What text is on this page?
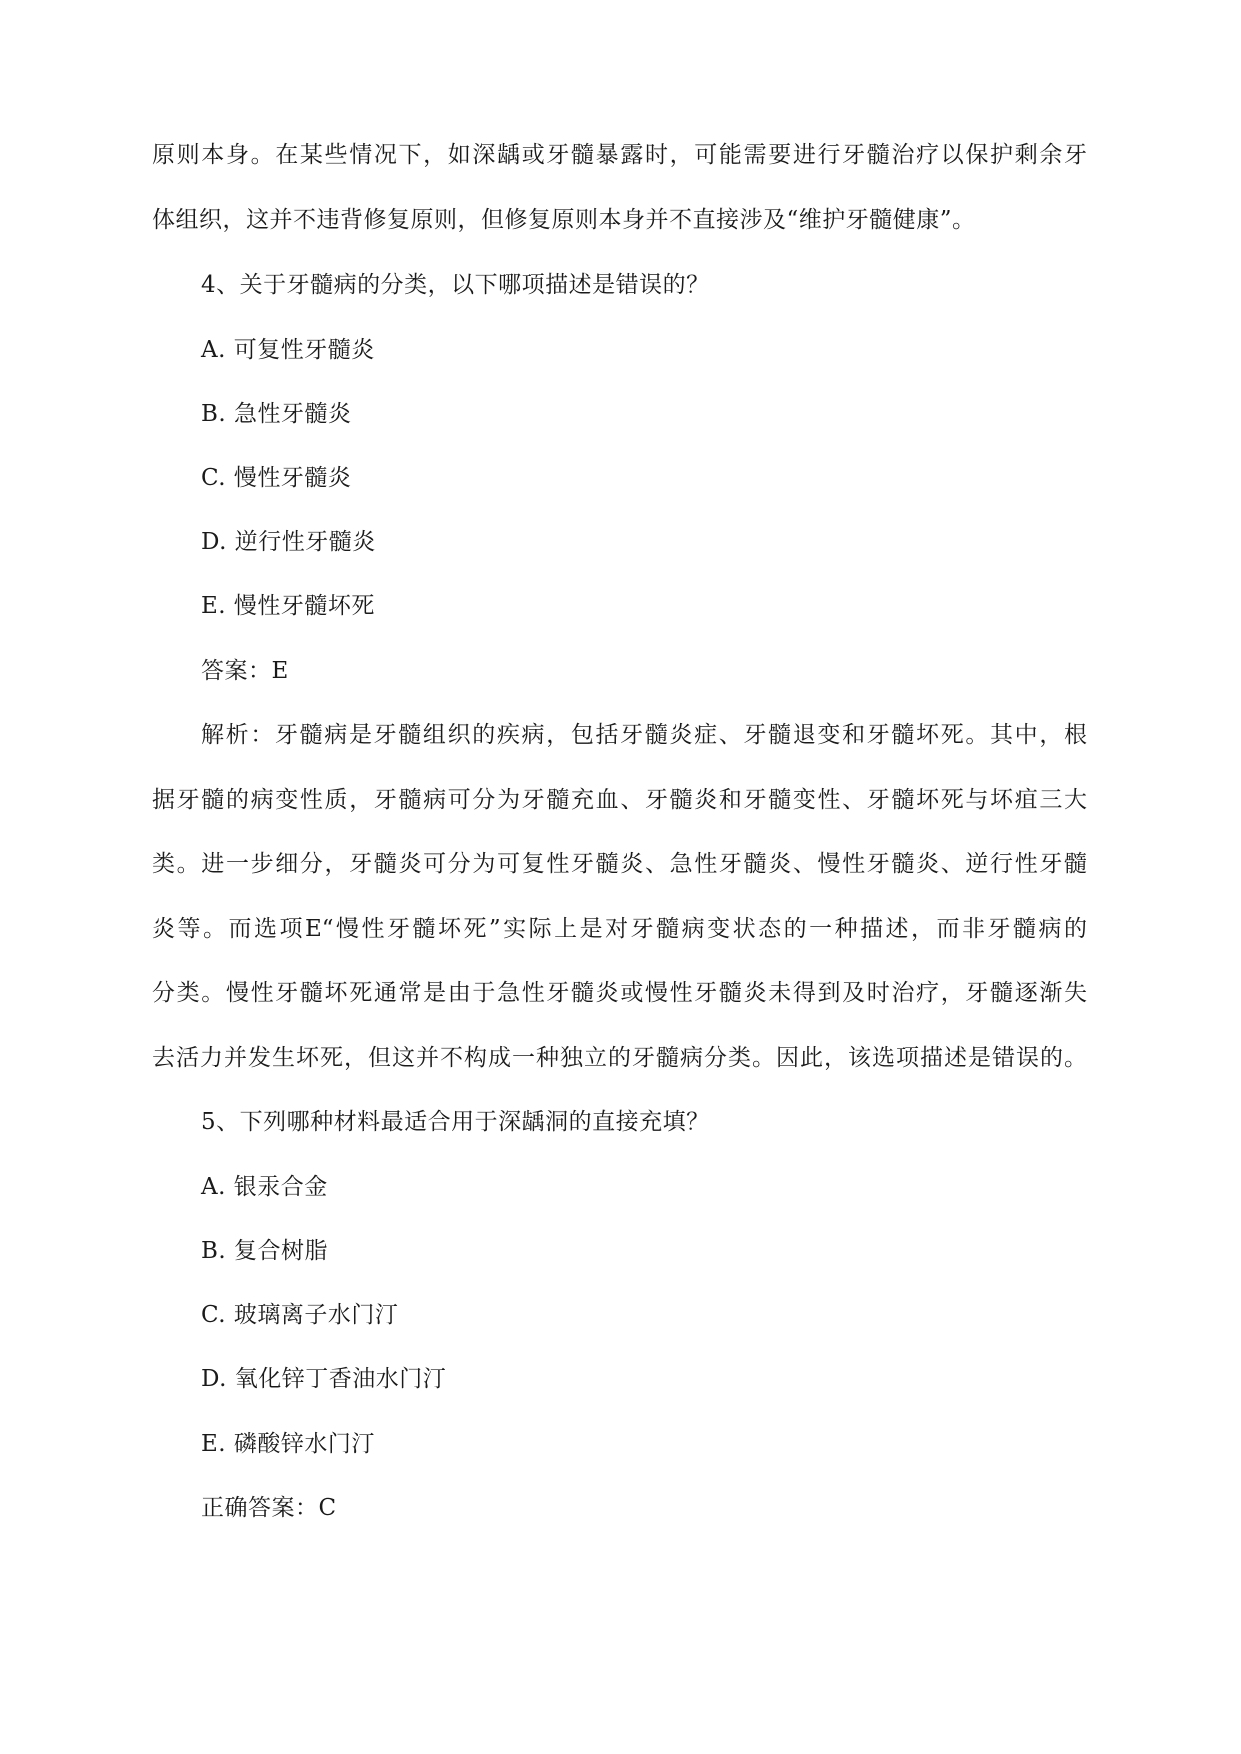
原则本身。在某些情况下，如深龋或牙髓暴露时，可能需要进行牙髓治疗以保护剩余牙
体组织，这并不违背修复原则，但修复原则本身并不直接涉及“维护牙髓健康”。
4、关于牙髓病的分类，以下哪项描述是错误的？
A. 可复性牙髓炎
B. 急性牙髓炎
C. 慢性牙髓炎
D. 逆行性牙髓炎
E. 慢性牙髓坏死
答案：E
解析：牙髓病是牙髓组织的疾病，包括牙髓炎症、牙髓退变和牙髓坏死。其中，根
据牙髓的病变性质，牙髓病可分为牙髓充血、牙髓炎和牙髓变性、牙髓坏死与坏疽三大
类。进一步细分，牙髓炎可分为可复性牙髓炎、急性牙髓炎、慢性牙髓炎、逆行性牙髓
炎等。而选项E“慢性牙髓坏死”实际上是对牙髓病变状态的一种描述，而非牙髓病的
分类。慢性牙髓坏死通常是由于急性牙髓炎或慢性牙髓炎未得到及时治疗，牙髓逐渐失
去活力并发生坏死，但这并不构成一种独立的牙髓病分类。因此，该选项描述是错误的。
5、下列哪种材料最适合用于深龋洞的直接充填？
A. 银汞合金
B. 复合树脂
C. 玻璃离子水门汀
D. 氧化锌丁香油水门汀
E. 磷酸锌水门汀
正确答案：C
